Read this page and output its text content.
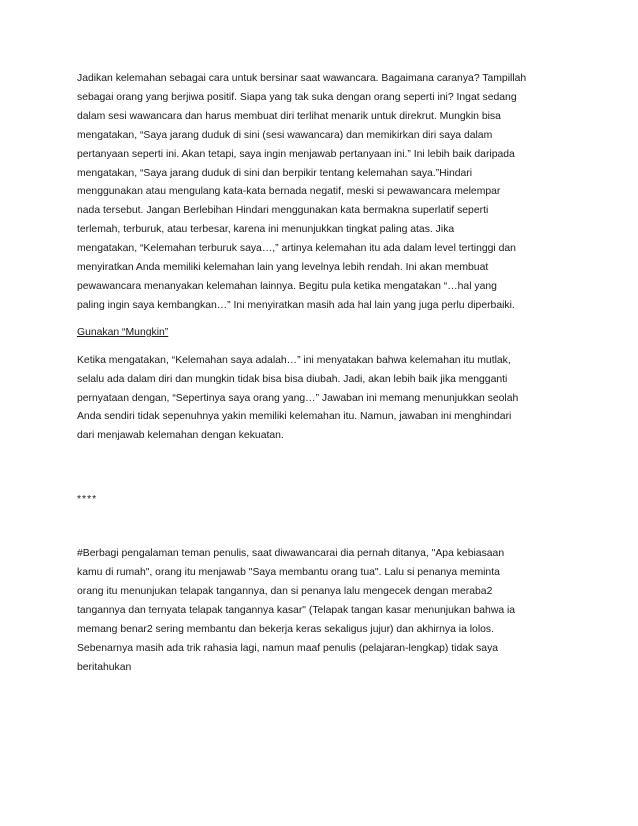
Jadikan kelemahan sebagai cara untuk bersinar saat wawancara. Bagaimana caranya? Tampillah
sebagai orang yang berjiwa positif. Siapa yang tak suka dengan orang seperti ini? Ingat sedang
dalam sesi wawancara dan harus membuat diri terlihat menarik untuk direkrut. Mungkin bisa
mengatakan, “Saya jarang duduk di sini (sesi wawancara) dan memikirkan diri saya dalam
pertanyaan seperti ini. Akan tetapi, saya ingin menjawab pertanyaan ini.” Ini lebih baik daripada
mengatakan, “Saya jarang duduk di sini dan berpikir tentang kelemahan saya.”Hindari
menggunakan atau mengulang kata-kata bernada negatif, meski si pewawancara melempar
nada tersebut. Jangan Berlebihan Hindari menggunakan kata bermakna superlatif seperti
terlemah, terburuk, atau terbesar, karena ini menunjukkan tingkat paling atas. Jika
mengatakan, “Kelemahan terburuk saya…,” artinya kelemahan itu ada dalam level tertinggi dan
menyiratkan Anda memiliki kelemahan lain yang levelnya lebih rendah. Ini akan membuat
pewawancara menanyakan kelemahan lainnya. Begitu pula ketika mengatakan “…hal yang
paling ingin saya kembangkan…” Ini menyiratkan masih ada hal lain yang juga perlu diperbaiki.
Gunakan “Mungkin”
Ketika mengatakan, “Kelemahan saya adalah…” ini menyatakan bahwa kelemahan itu mutlak,
selalu ada dalam diri dan mungkin tidak bisa bisa diubah. Jadi, akan lebih baik jika mengganti
pernyataan dengan, “Sepertinya saya orang yang…” Jawaban ini memang menunjukkan seolah
Anda sendiri tidak sepenuhnya yakin memiliki kelemahan itu. Namun, jawaban ini menghindari
dari menjawab kelemahan dengan kekuatan.
****
#Berbagi pengalaman teman penulis, saat diwawancarai dia pernah ditanya, "Apa kebiasaan
kamu di rumah", orang itu menjawab "Saya membantu orang tua". Lalu si penanya meminta
orang itu menunjukan telapak tangannya, dan si penanya lalu mengecek dengan meraba2
tangannya dan ternyata telapak tangannya kasar" (Telapak tangan kasar menunjukan bahwa ia
memang benar2 sering membantu dan bekerja keras sekaligus jujur) dan akhirnya ia lolos.
Sebenarnya masih ada trik rahasia lagi, namun maaf penulis (pelajaran-lengkap) tidak saya
beritahukan
